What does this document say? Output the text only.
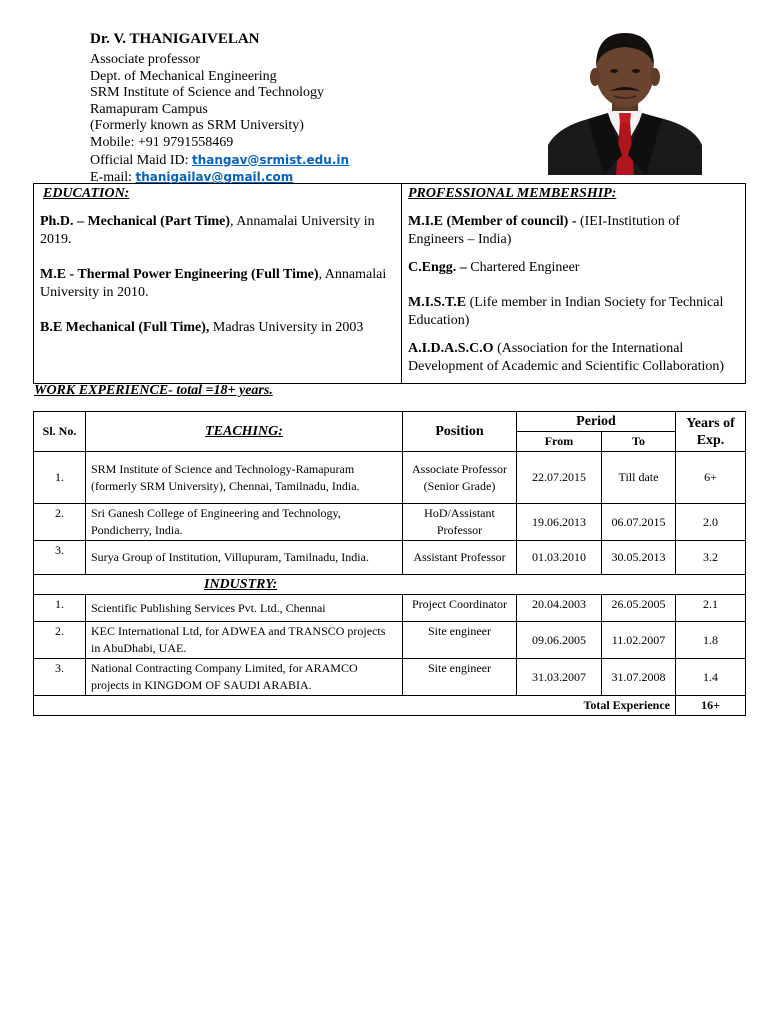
Dr. V. THANIGAIVELAN
Associate professor
Dept. of Mechanical Engineering
SRM Institute of Science and Technology
Ramapuram Campus
(Formerly known as SRM University)
Mobile: +91 9791558469
Official Maid ID: thangav@srmist.edu.in
E-mail: thanigailav@gmail.com
EDUCATION:
Ph.D. – Mechanical (Part Time), Annamalai University in 2019.
M.E - Thermal Power Engineering (Full Time), Annamalai University in 2010.
B.E Mechanical (Full Time), Madras University in 2003
PROFESSIONAL MEMBERSHIP:
M.I.E (Member of council) - (IEI-Institution of Engineers – India)
C.Engg. – Chartered Engineer
M.I.S.T.E (Life member in Indian Society for Technical Education)
A.I.D.A.S.C.O (Association for the International Development of Academic and Scientific Collaboration)
WORK EXPERIENCE- total =18+ years.
Sl. No.	TEACHING:	Position	Period		Years of Exp.
			From	To	
1.	SRM Institute of Science and Technology-Ramapuram (formerly SRM University), Chennai, Tamilnadu, India.	Associate Professor (Senior Grade)	22.07.2015	Till date	6+
2.	Sri Ganesh College of Engineering and Technology, Pondicherry, India.	HoD/Assistant Professor	19.06.2013	06.07.2015	2.0
3.	Surya Group of Institution, Villupuram, Tamilnadu, India.	Assistant Professor	01.03.2010	30.05.2013	3.2
INDUSTRY:					
1.	Scientific Publishing Services Pvt. Ltd., Chennai	Project Coordinator	20.04.2003	26.05.2005	2.1
2.	KEC International Ltd, for ADWEA and TRANSCO projects in AbuDhabi, UAE.	Site engineer	09.06.2005	11.02.2007	1.8
3.	National Contracting Company Limited, for ARAMCO projects in KINGDOM OF SAUDI ARABIA.	Site engineer	31.03.2007	31.07.2008	1.4
Total Experience					16+
